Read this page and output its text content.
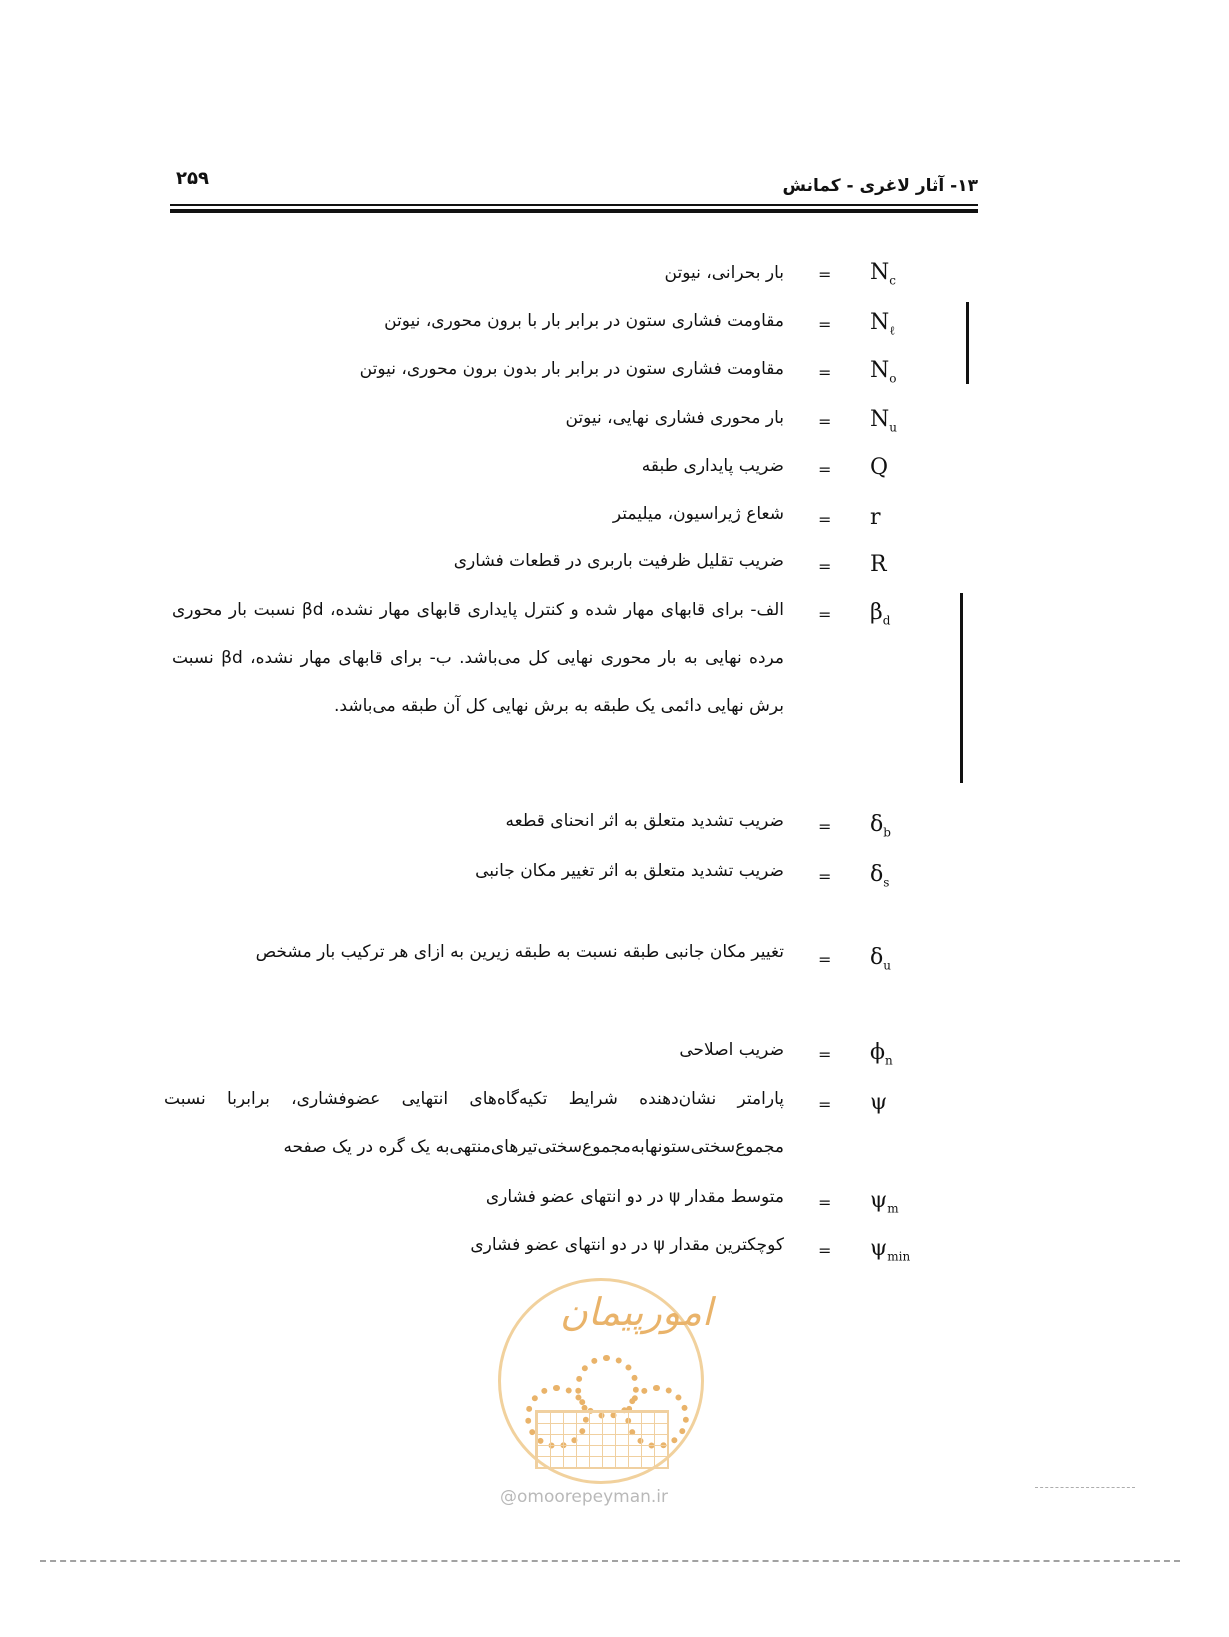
۱۳- آثار لاغری - کمانش
۲۵۹
$N_c$
=
بار بحرانی، نیوتن
$N_\ell$
=
مقاومت فشاری ستون در برابر بار با برون محوری، نیوتن
$N_o$
=
مقاومت فشاری ستون در برابر بار بدون برون محوری، نیوتن
$N_u$
=
بار محوری فشاری نهایی، نیوتن
Q
=
ضریب پایداری طبقه
r
=
شعاع ژیراسیون، میلیمتر
R
=
ضریب تقلیل ظرفیت باربری در قطعات فشاری
$\beta_d$
=
الف- برای قابهای مهار شده و کنترل پایداری قابهای مهار نشده، βd نسبت بار محوری مرده نهایی به بار محوری نهایی کل می‌باشد. ب- برای قابهای مهار نشده، βd نسبت برش نهایی دائمی یک طبقه به برش نهایی کل آن طبقه می‌باشد.
$\delta_b$
=
ضریب تشدید متعلق به اثر انحنای قطعه
$\delta_s$
=
ضریب تشدید متعلق به اثر تغییر مکان جانبی
$\delta_u$
=
تغییر مکان جانبی طبقه نسبت به طبقه زیرین به ازای هر ترکیب بار مشخص
$\phi_n$
=
ضریب اصلاحی
ψ
=
پارامتر نشان‌دهنده شرایط تکیه‌گاه‌های انتهایی عضوفشاری، برابربا نسبت مجموع‌سختی‌ستونهابه‌مجموع‌سختی‌تیرهای‌منتهی‌به یک گره در یک صفحه
$\psi_m$
=
متوسط مقدار ψ در دو انتهای عضو فشاری
$\psi_{min}$
=
کوچکترین مقدار ψ در دو انتهای عضو فشاری
امورپیمان
@omoorepeyman.ir
